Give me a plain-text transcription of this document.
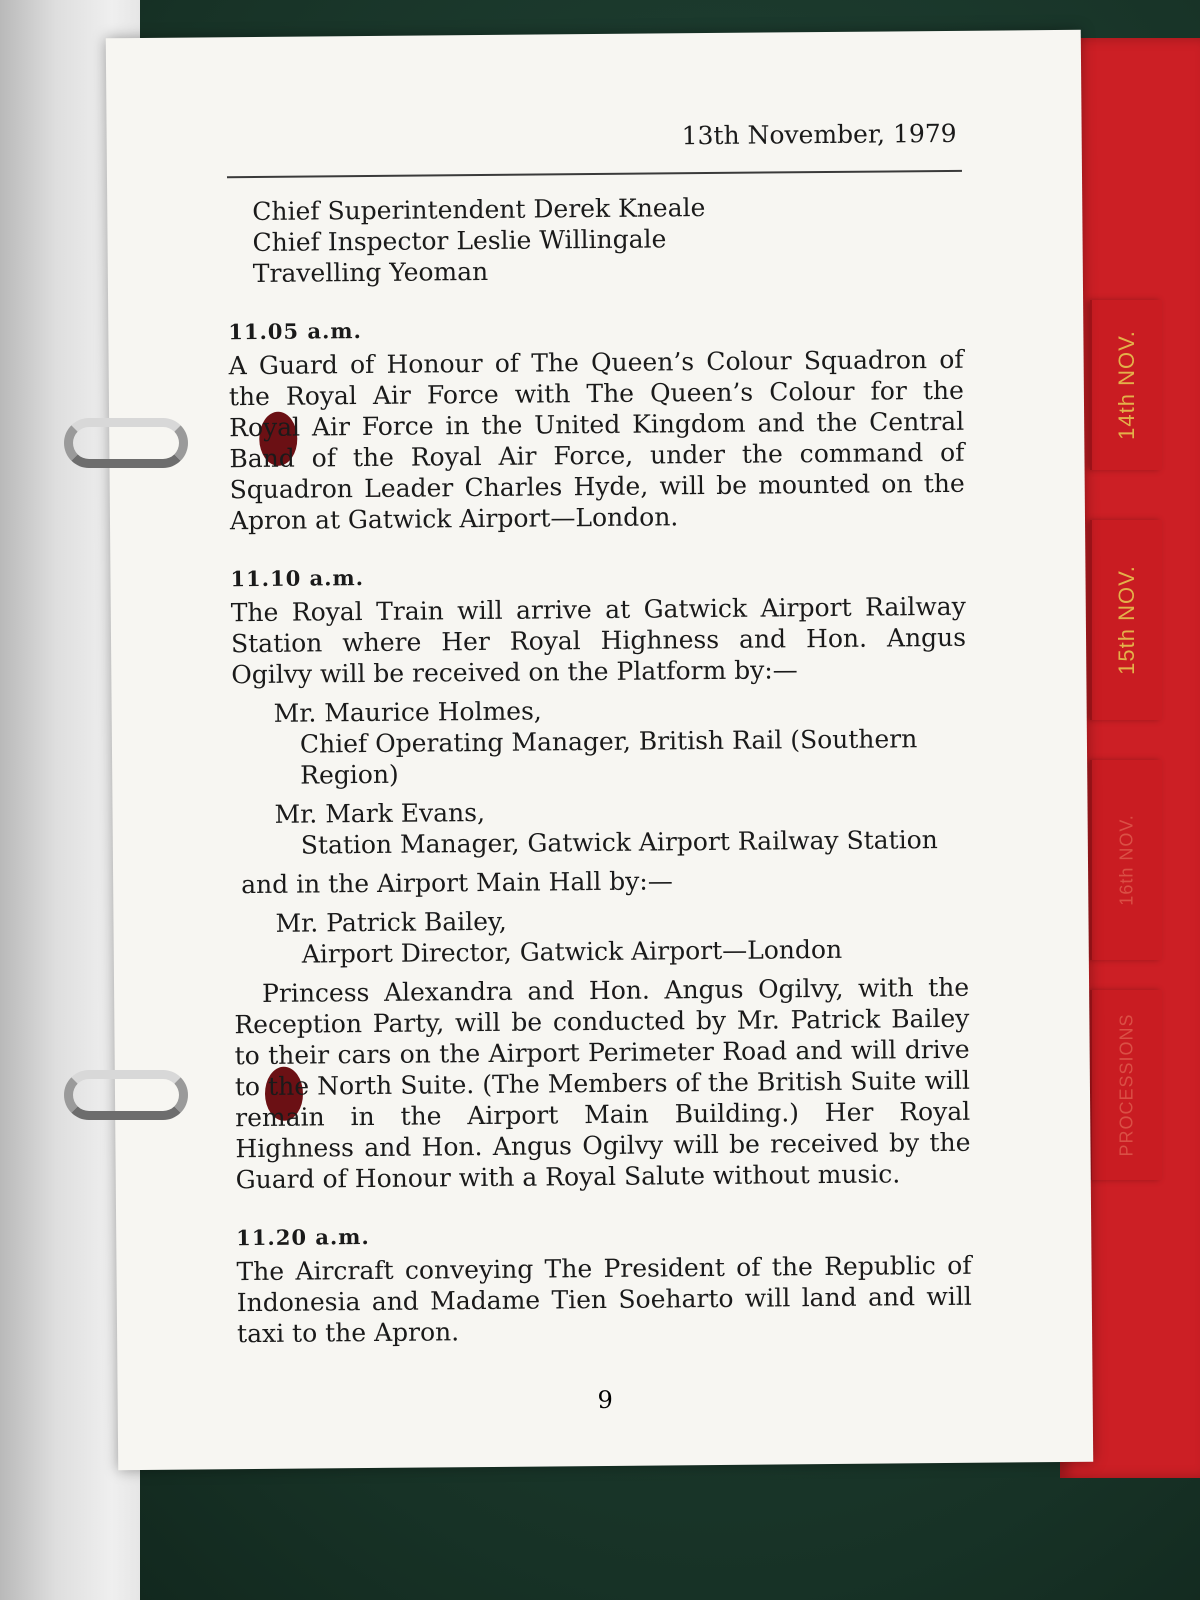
14th NOV.
15th NOV.
16th NOV.
PROCESSIONS
13th November, 1979

Chief Superintendent Derek Kneale

Chief Inspector Leslie Willingale

Travelling Yeoman

11.05 a.m.

A Guard of Honour of The Queen’s Colour Squadron of the Royal Air Force with The Queen’s Colour for the Royal Air Force in the United Kingdom and the Central Band of the Royal Air Force, under the command of Squadron Leader Charles Hyde, will be mounted on the Apron at Gatwick Airport—London.

11.10 a.m.

The Royal Train will arrive at Gatwick Airport Railway Station where Her Royal Highness and Hon. Angus Ogilvy will be received on the Platform by:—

Mr. Maurice Holmes,

Chief Operating Manager, British Rail (Southern Region)

Mr. Mark Evans,

Station Manager, Gatwick Airport Railway Station

and in the Airport Main Hall by:—

Mr. Patrick Bailey,

Airport Director, Gatwick Airport—London

Princess Alexandra and Hon. Angus Ogilvy, with the Reception Party, will be conducted by Mr. Patrick Bailey to their cars on the Airport Perimeter Road and will drive to the North Suite. (The Members of the British Suite will remain in the Airport Main Building.) Her Royal Highness and Hon. Angus Ogilvy will be received by the Guard of Honour with a Royal Salute without music.

11.20 a.m.

The Aircraft conveying The President of the Republic of Indonesia and Madame Tien Soeharto will land and will taxi to the Apron.

9
